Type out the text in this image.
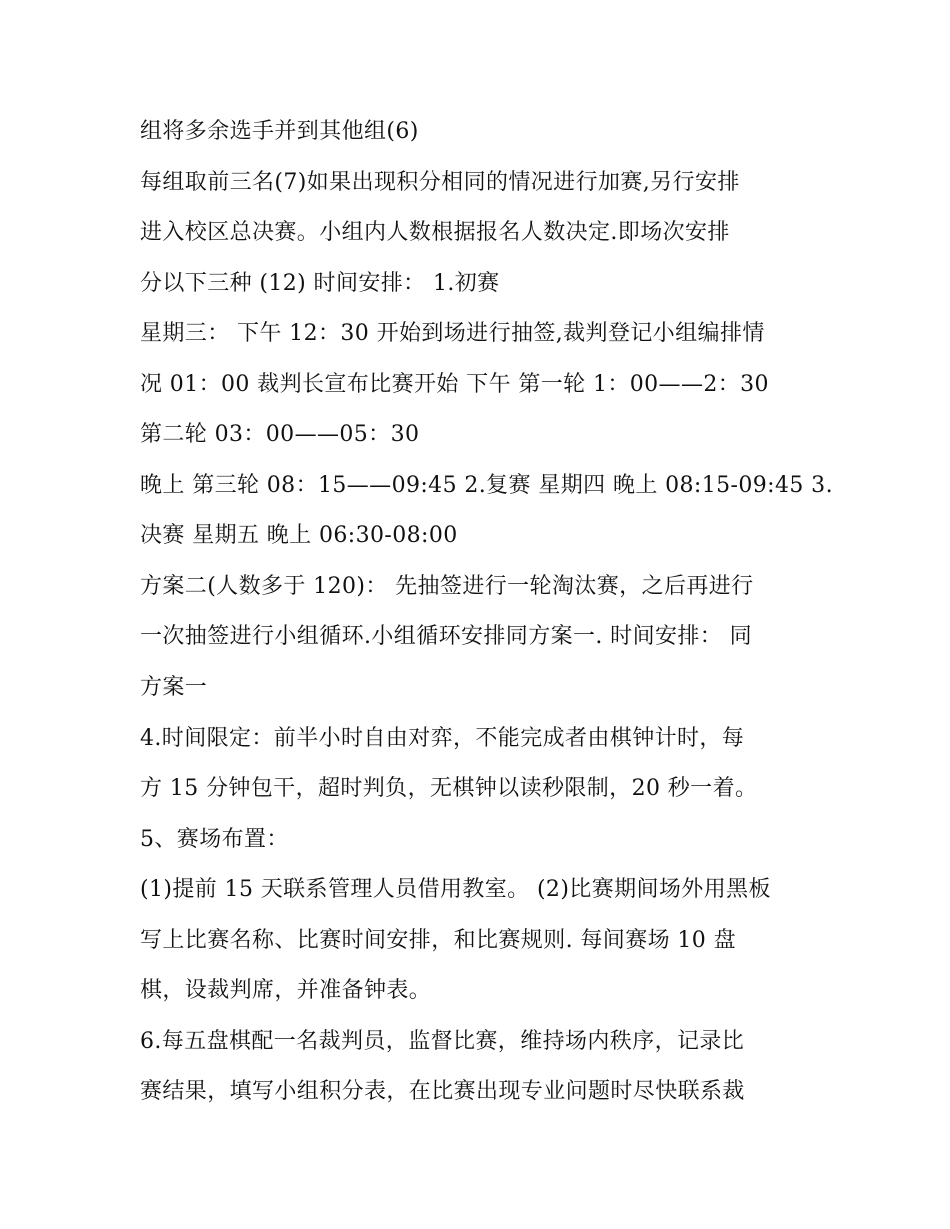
组将多余选手并到其他组(6)
每组取前三名(7)如果出现积分相同的情况进行加赛,另行安排
进入校区总决赛。小组内人数根据报名人数决定.即场次安排
分以下三种 (12) 时间安排： 1.初赛
星期三： 下午 12：30 开始到场进行抽签,裁判登记小组编排情
况 01：00 裁判长宣布比赛开始 下午 第一轮 1：00——2：30
第二轮 03：00——05：30
晚上 第三轮 08：15——09:45 2.复赛 星期四 晚上 08:15-09:45 3.
决赛 星期五 晚上 06:30-08:00
方案二(人数多于 120)： 先抽签进行一轮淘汰赛，之后再进行
一次抽签进行小组循环.小组循环安排同方案一. 时间安排： 同
方案一
4.时间限定：前半小时自由对弈，不能完成者由棋钟计时，每
方 15 分钟包干，超时判负，无棋钟以读秒限制，20 秒一着。
5、赛场布置：
(1)提前 15 天联系管理人员借用教室。 (2)比赛期间场外用黑板
写上比赛名称、比赛时间安排，和比赛规则. 每间赛场 10 盘
棋，设裁判席，并准备钟表。
6.每五盘棋配一名裁判员，监督比赛，维持场内秩序，记录比
赛结果，填写小组积分表，在比赛出现专业问题时尽快联系裁
